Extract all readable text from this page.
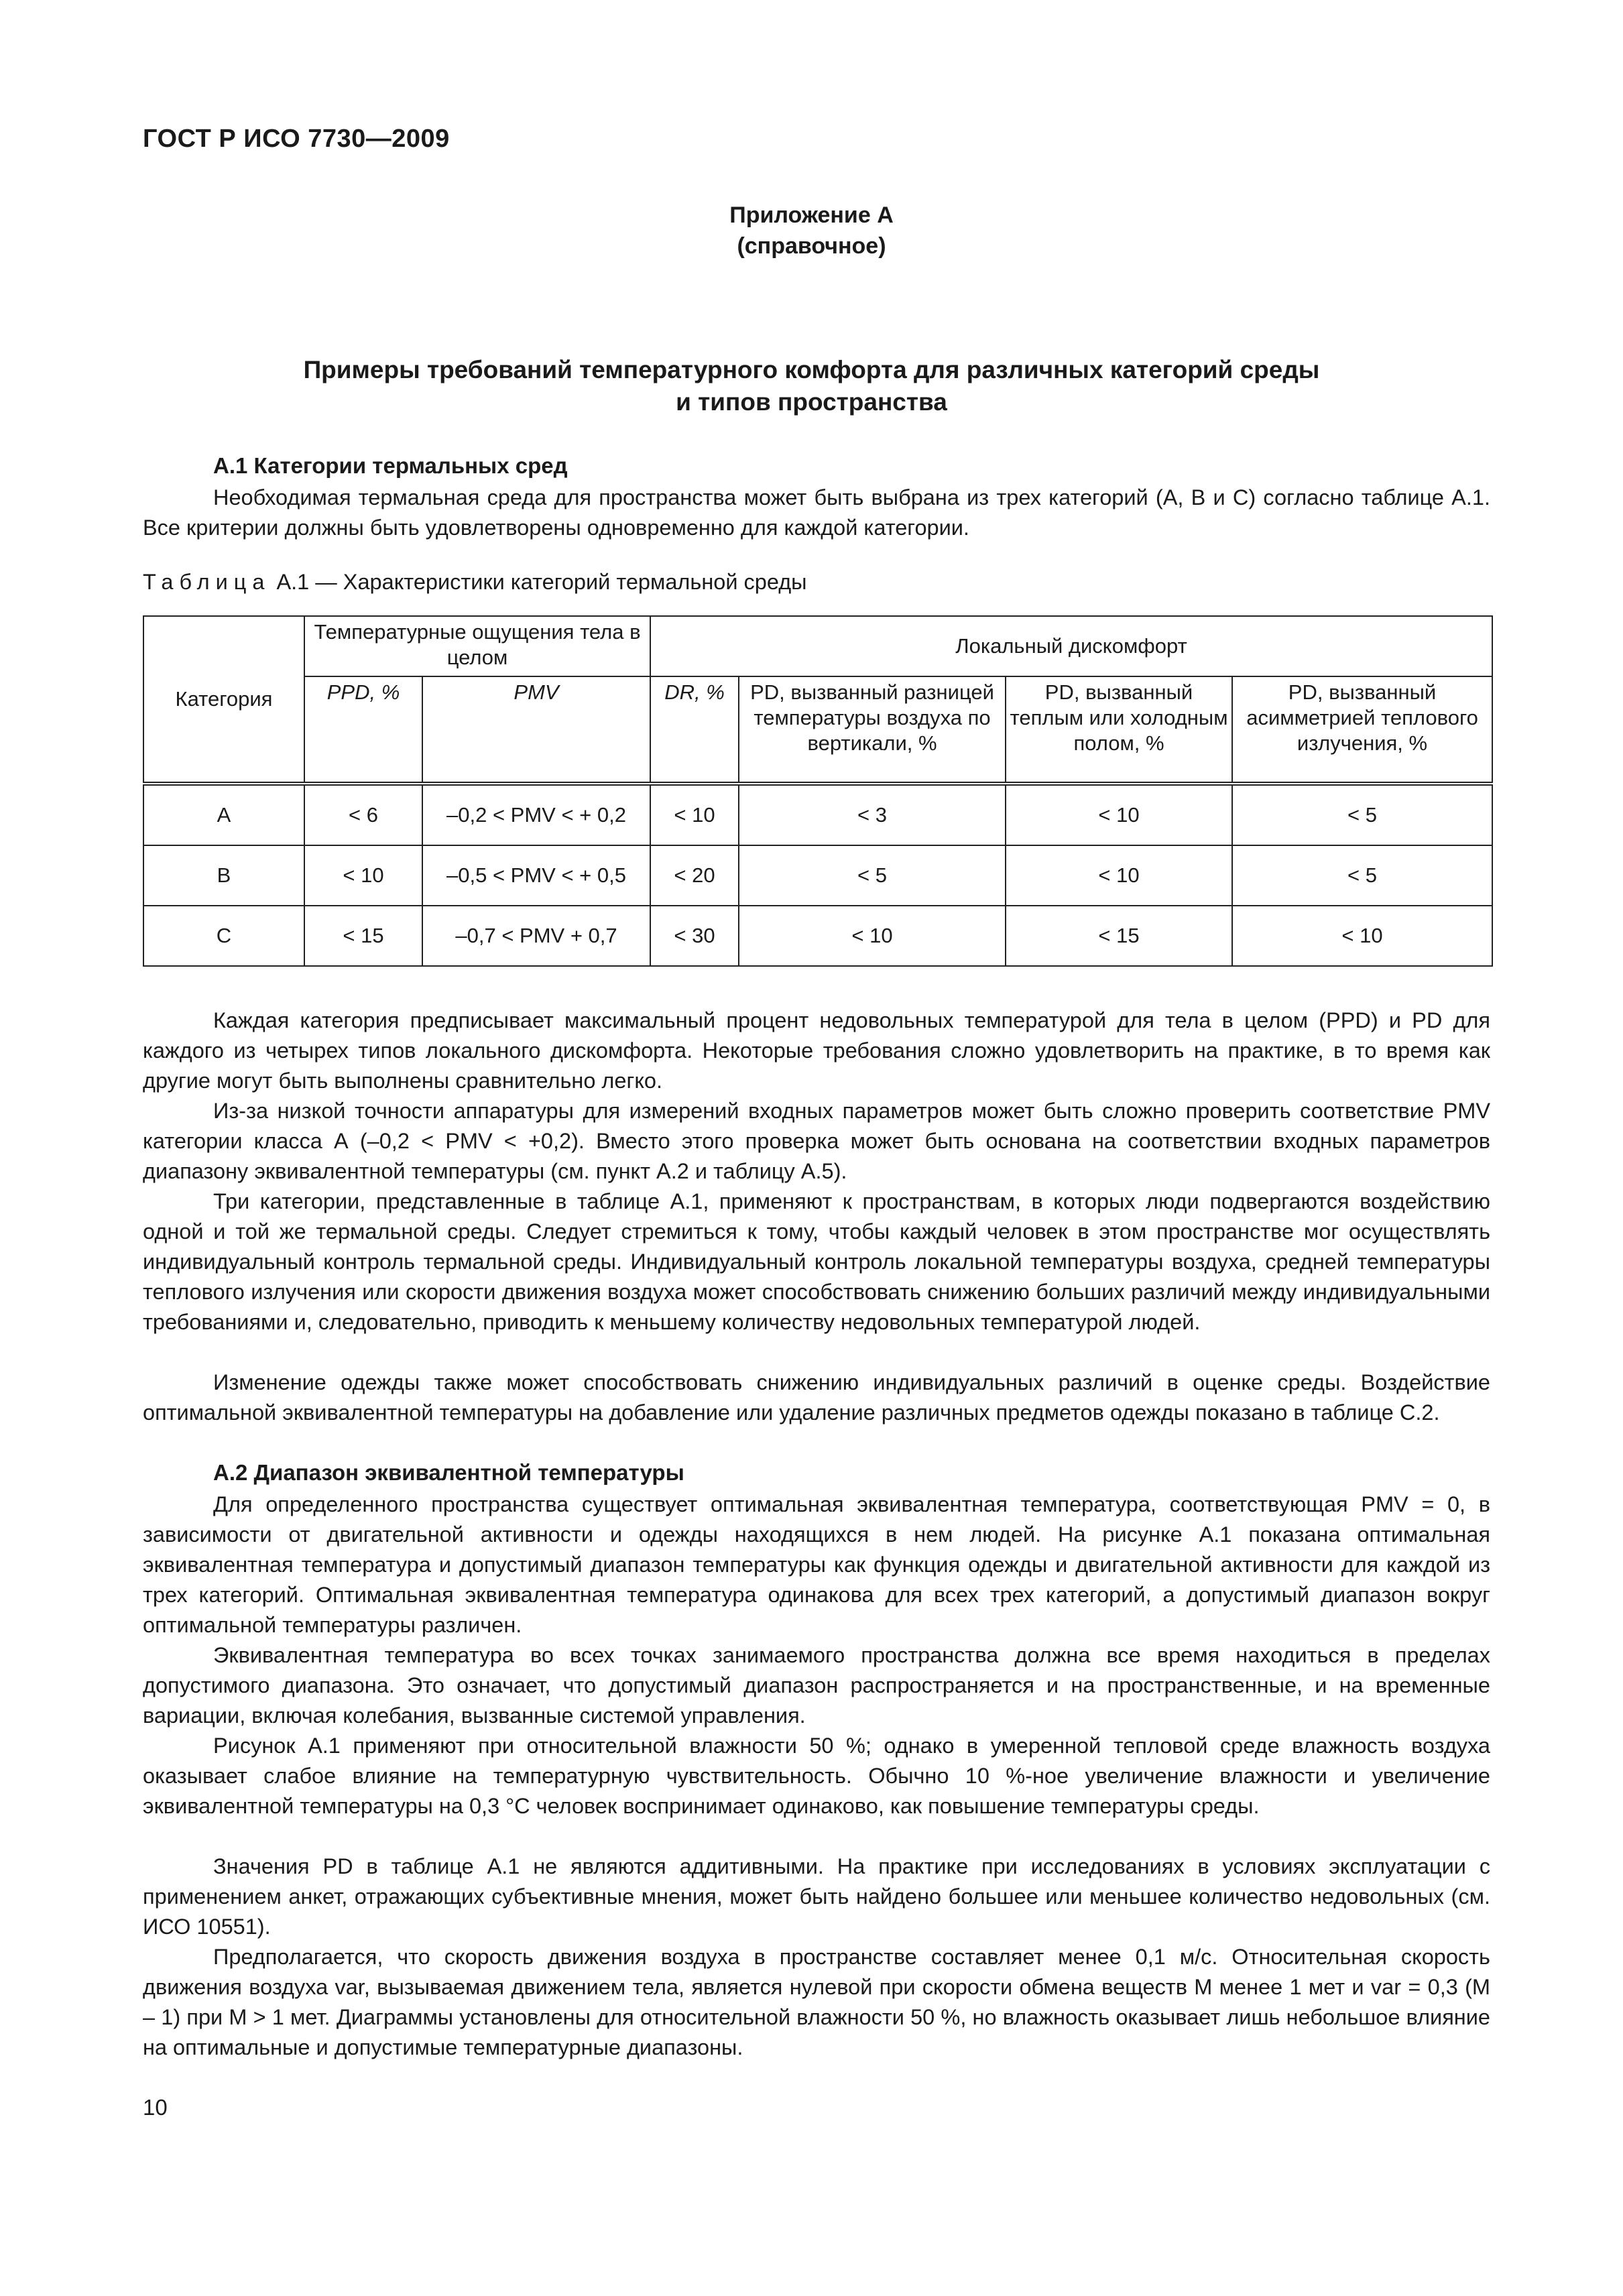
ГОСТ Р ИСО 7730—2009
Приложение А
(справочное)
Примеры требований температурного комфорта для различных категорий среды
и типов пространства
А.1 Категории термальных сред
Необходимая термальная среда для пространства может быть выбрана из трех категорий (А, В и С) согласно таблице А.1. Все критерии должны быть удовлетворены одновременно для каждой категории.
Таблица А.1 — Характеристики категорий термальной среды
Категория	Температурные ощущения тела в целом		Локальный дискомфорт			
	PPD, %	PMV	DR, %	PD, вызванный разницей температуры воздуха по вертикали, %	PD, вызванный теплым или холодным полом, %	PD, вызванный асимметрией теплового излучения, %
А	< 6	–0,2 < PMV < + 0,2	< 10	< 3	< 10	< 5
В	< 10	–0,5 < PMV < + 0,5	< 20	< 5	< 10	< 5
С	< 15	–0,7 < PMV + 0,7	< 30	< 10	< 15	< 10
Каждая категория предписывает максимальный процент недовольных температурой для тела в целом (PPD) и PD для каждого из четырех типов локального дискомфорта. Некоторые требования сложно удовлетворить на практике, в то время как другие могут быть выполнены сравнительно легко.
Из-за низкой точности аппаратуры для измерений входных параметров может быть сложно проверить соответствие PMV категории класса А (–0,2 < PMV < +0,2). Вместо этого проверка может быть основана на соответствии входных параметров диапазону эквивалентной температуры (см. пункт А.2 и таблицу А.5).
Три категории, представленные в таблице А.1, применяют к пространствам, в которых люди подвергаются воздействию одной и той же термальной среды. Следует стремиться к тому, чтобы каждый человек в этом пространстве мог осуществлять индивидуальный контроль термальной среды. Индивидуальный контроль локальной температуры воздуха, средней температуры теплового излучения или скорости движения воздуха может способствовать снижению больших различий между индивидуальными требованиями и, следовательно, приводить к меньшему количеству недовольных температурой людей.
Изменение одежды также может способствовать снижению индивидуальных различий в оценке среды. Воздействие оптимальной эквивалентной температуры на добавление или удаление различных предметов одежды показано в таблице С.2.
А.2 Диапазон эквивалентной температуры
Для определенного пространства существует оптимальная эквивалентная температура, соответствующая PMV = 0, в зависимости от двигательной активности и одежды находящихся в нем людей. На рисунке А.1 показана оптимальная эквивалентная температура и допустимый диапазон температуры как функция одежды и двигательной активности для каждой из трех категорий. Оптимальная эквивалентная температура одинакова для всех трех категорий, а допустимый диапазон вокруг оптимальной температуры различен.
Эквивалентная температура во всех точках занимаемого пространства должна все время находиться в пределах допустимого диапазона. Это означает, что допустимый диапазон распространяется и на пространственные, и на временные вариации, включая колебания, вызванные системой управления.
Рисунок А.1 применяют при относительной влажности 50 %; однако в умеренной тепловой среде влажность воздуха оказывает слабое влияние на температурную чувствительность. Обычно 10 %-ное увеличение влажности и увеличение эквивалентной температуры на 0,3 °С человек воспринимает одинаково, как повышение температуры среды.
Значения PD в таблице А.1 не являются аддитивными. На практике при исследованиях в условиях эксплуатации с применением анкет, отражающих субъективные мнения, может быть найдено большее или меньшее количество недовольных (см. ИСО 10551).
Предполагается, что скорость движения воздуха в пространстве составляет менее 0,1 м/с. Относительная скорость движения воздуха var, вызываемая движением тела, является нулевой при скорости обмена веществ M менее 1 мет и var = 0,3 (M – 1) при M > 1 мет. Диаграммы установлены для относительной влажности 50 %, но влажность оказывает лишь небольшое влияние на оптимальные и допустимые температурные диапазоны.
10
